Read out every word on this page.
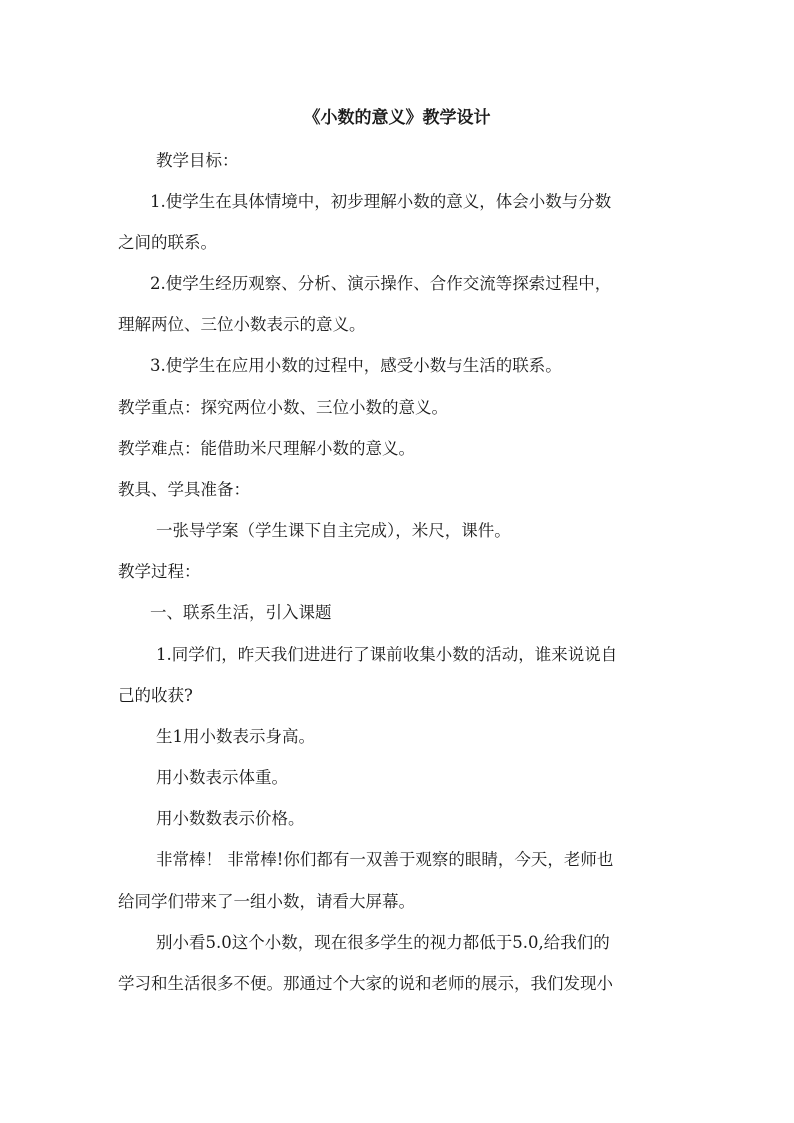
《小数的意义》教学设计
教学目标：
1.使学生在具体情境中，初步理解小数的意义，体会小数与分数
之间的联系。
2.使学生经历观察、分析、演示操作、合作交流等探索过程中，
理解两位、三位小数表示的意义。
3.使学生在应用小数的过程中，感受小数与生活的联系。
教学重点：探究两位小数、三位小数的意义。
教学难点：能借助米尺理解小数的意义。
教具、学具准备：
一张导学案（学生课下自主完成），米尺，课件。
教学过程：
一、联系生活，引入课题
1.同学们，昨天我们进进行了课前收集小数的活动，谁来说说自
己的收获?
生1用小数表示身高。
用小数表示体重。
用小数数表示价格。
非常棒！ 非常棒!你们都有一双善于观察的眼睛，今天，老师也
给同学们带来了一组小数，请看大屏幕。
别小看5.0这个小数，现在很多学生的视力都低于5.0,给我们的
学习和生活很多不便。那通过个大家的说和老师的展示，我们发现小
